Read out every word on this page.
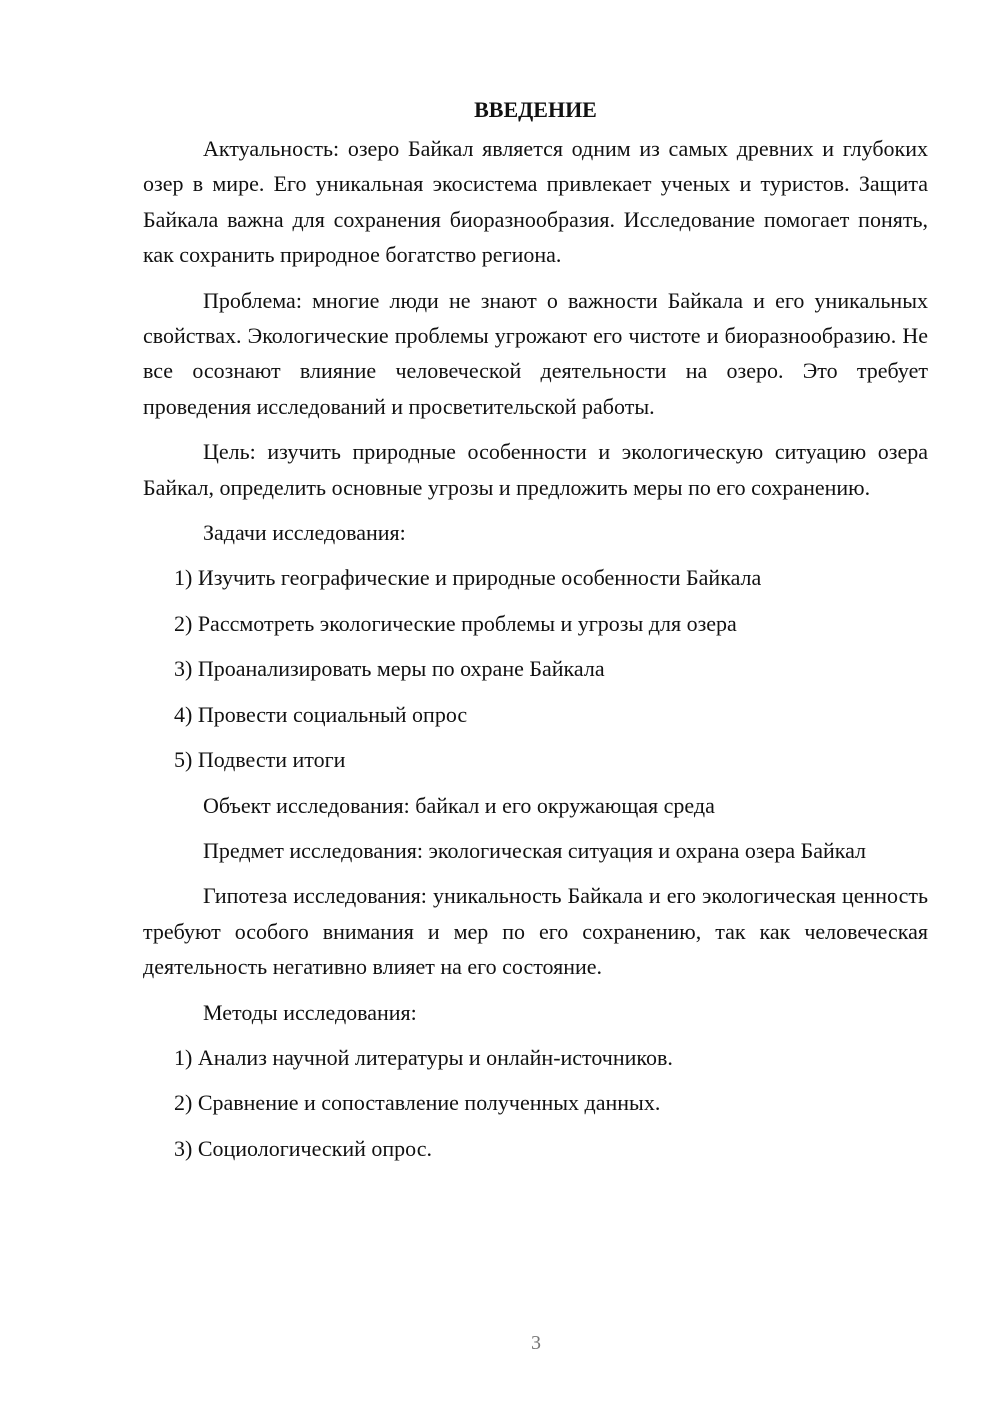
ВВЕДЕНИЕ

Актуальность: озеро Байкал является одним из самых древних и глубоких озер в мире. Его уникальная экосистема привлекает ученых и туристов. Защита Байкала важна для сохранения биоразнообразия. Исследование помогает понять, как сохранить природное богатство региона.

Проблема: многие люди не знают о важности Байкала и его уникальных свойствах. Экологические проблемы угрожают его чистоте и биоразнообразию. Не все осознают влияние человеческой деятельности на озеро. Это требует проведения исследований и просветительской работы.

Цель: изучить природные особенности и экологическую ситуацию озера Байкал, определить основные угрозы и предложить меры по его сохранению.

Задачи исследования:

1) Изучить географические и природные особенности Байкала

2) Рассмотреть экологические проблемы и угрозы для озера

3) Проанализировать меры по охране Байкала

4) Провести социальный опрос

5) Подвести итоги

Объект исследования: байкал и его окружающая среда

Предмет исследования: экологическая ситуация и охрана озера Байкал

Гипотеза исследования: уникальность Байкала и его экологическая ценность требуют особого внимания и мер по его сохранению, так как человеческая деятельность негативно влияет на его состояние.

Методы исследования:

1) Анализ научной литературы и онлайн-источников.

2) Сравнение и сопоставление полученных данных.

3) Социологический опрос.

3
